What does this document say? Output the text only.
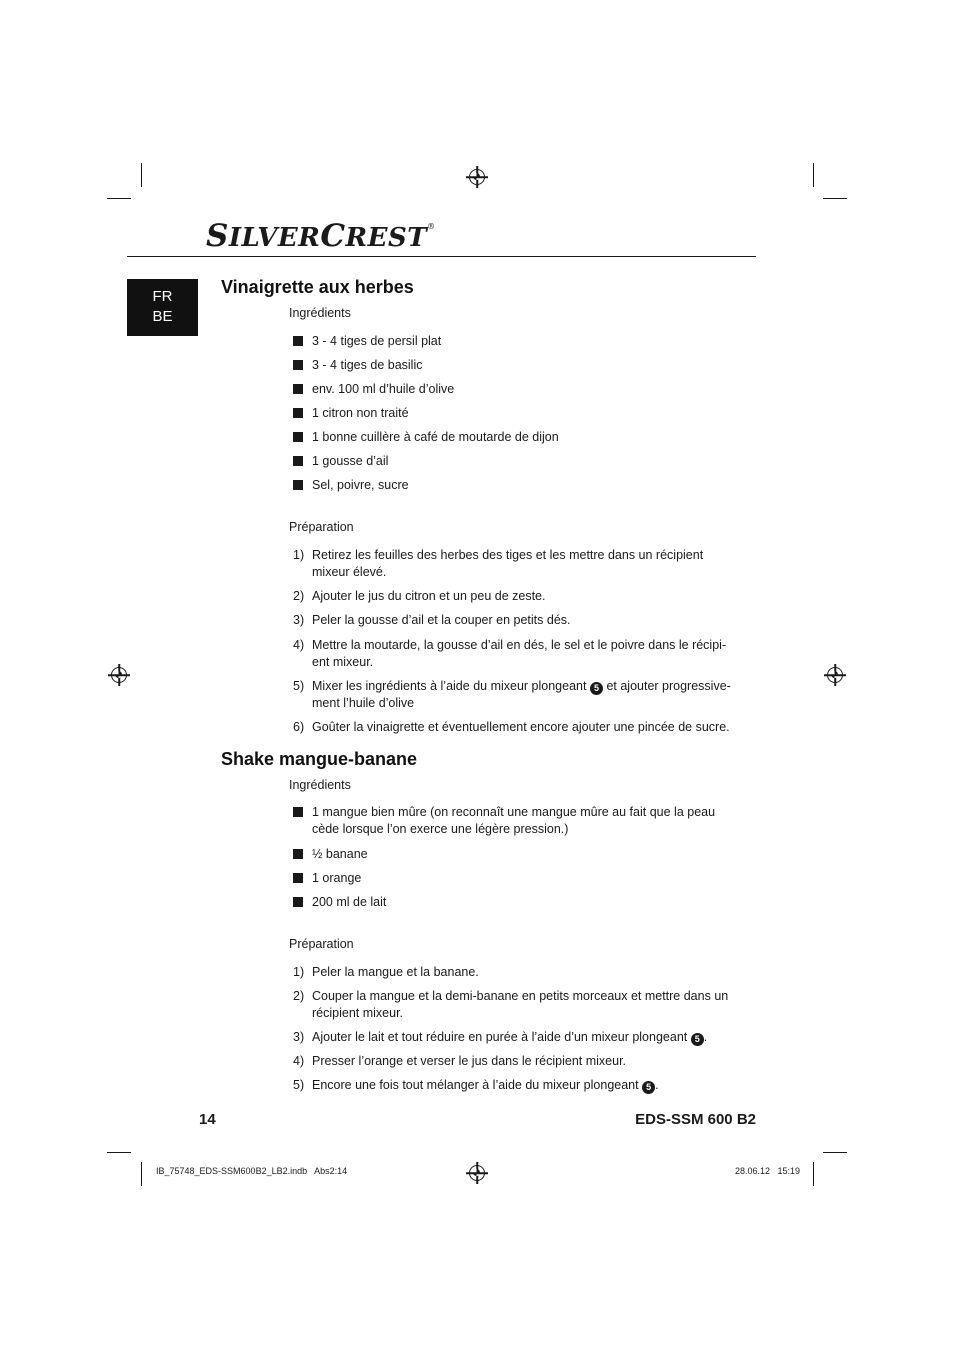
SILVERCREST®
FR
BE
Vinaigrette aux herbes
Ingrédients
3 - 4 tiges de persil plat
3 - 4 tiges de basilic
env. 100 ml d’huile d’olive
1 citron non traité
1 bonne cuillère à café de moutarde de dijon
1 gousse d’ail
Sel, poivre, sucre
Préparation
1) Retirez les feuilles des herbes des tiges et les mettre dans un récipient mixeur élevé.
2) Ajouter le jus du citron et un peu de zeste.
3) Peler la gousse d’ail et la couper en petits dés.
4) Mettre la moutarde, la gousse d’ail en dés, le sel et le poivre dans le récipi-ent mixeur.
5) Mixer les ingrédients à l’aide du mixeur plongeant 5 et ajouter progressive-ment l’huile d’olive
6) Goûter la vinaigrette et éventuellement encore ajouter une pincée de sucre.
Shake mangue-banane
Ingrédients
1 mangue bien mûre (on reconnaît une mangue mûre au fait que la peau cède lorsque l’on exerce une légère pression.)
½ banane
1 orange
200 ml de lait
Préparation
1) Peler la mangue et la banane.
2) Couper la mangue et la demi-banane en petits morceaux et mettre dans un récipient mixeur.
3) Ajouter le lait et tout réduire en purée à l’aide d’un mixeur plongeant 5 .
4) Presser l’orange et verser le jus dans le récipient mixeur.
5) Encore une fois tout mélanger à l’aide du mixeur plongeant 5 .
14	EDS-SSM 600 B2
IB_75748_EDS-SSM600B2_LB2.indb   Abs2:14	28.06.12   15:19
